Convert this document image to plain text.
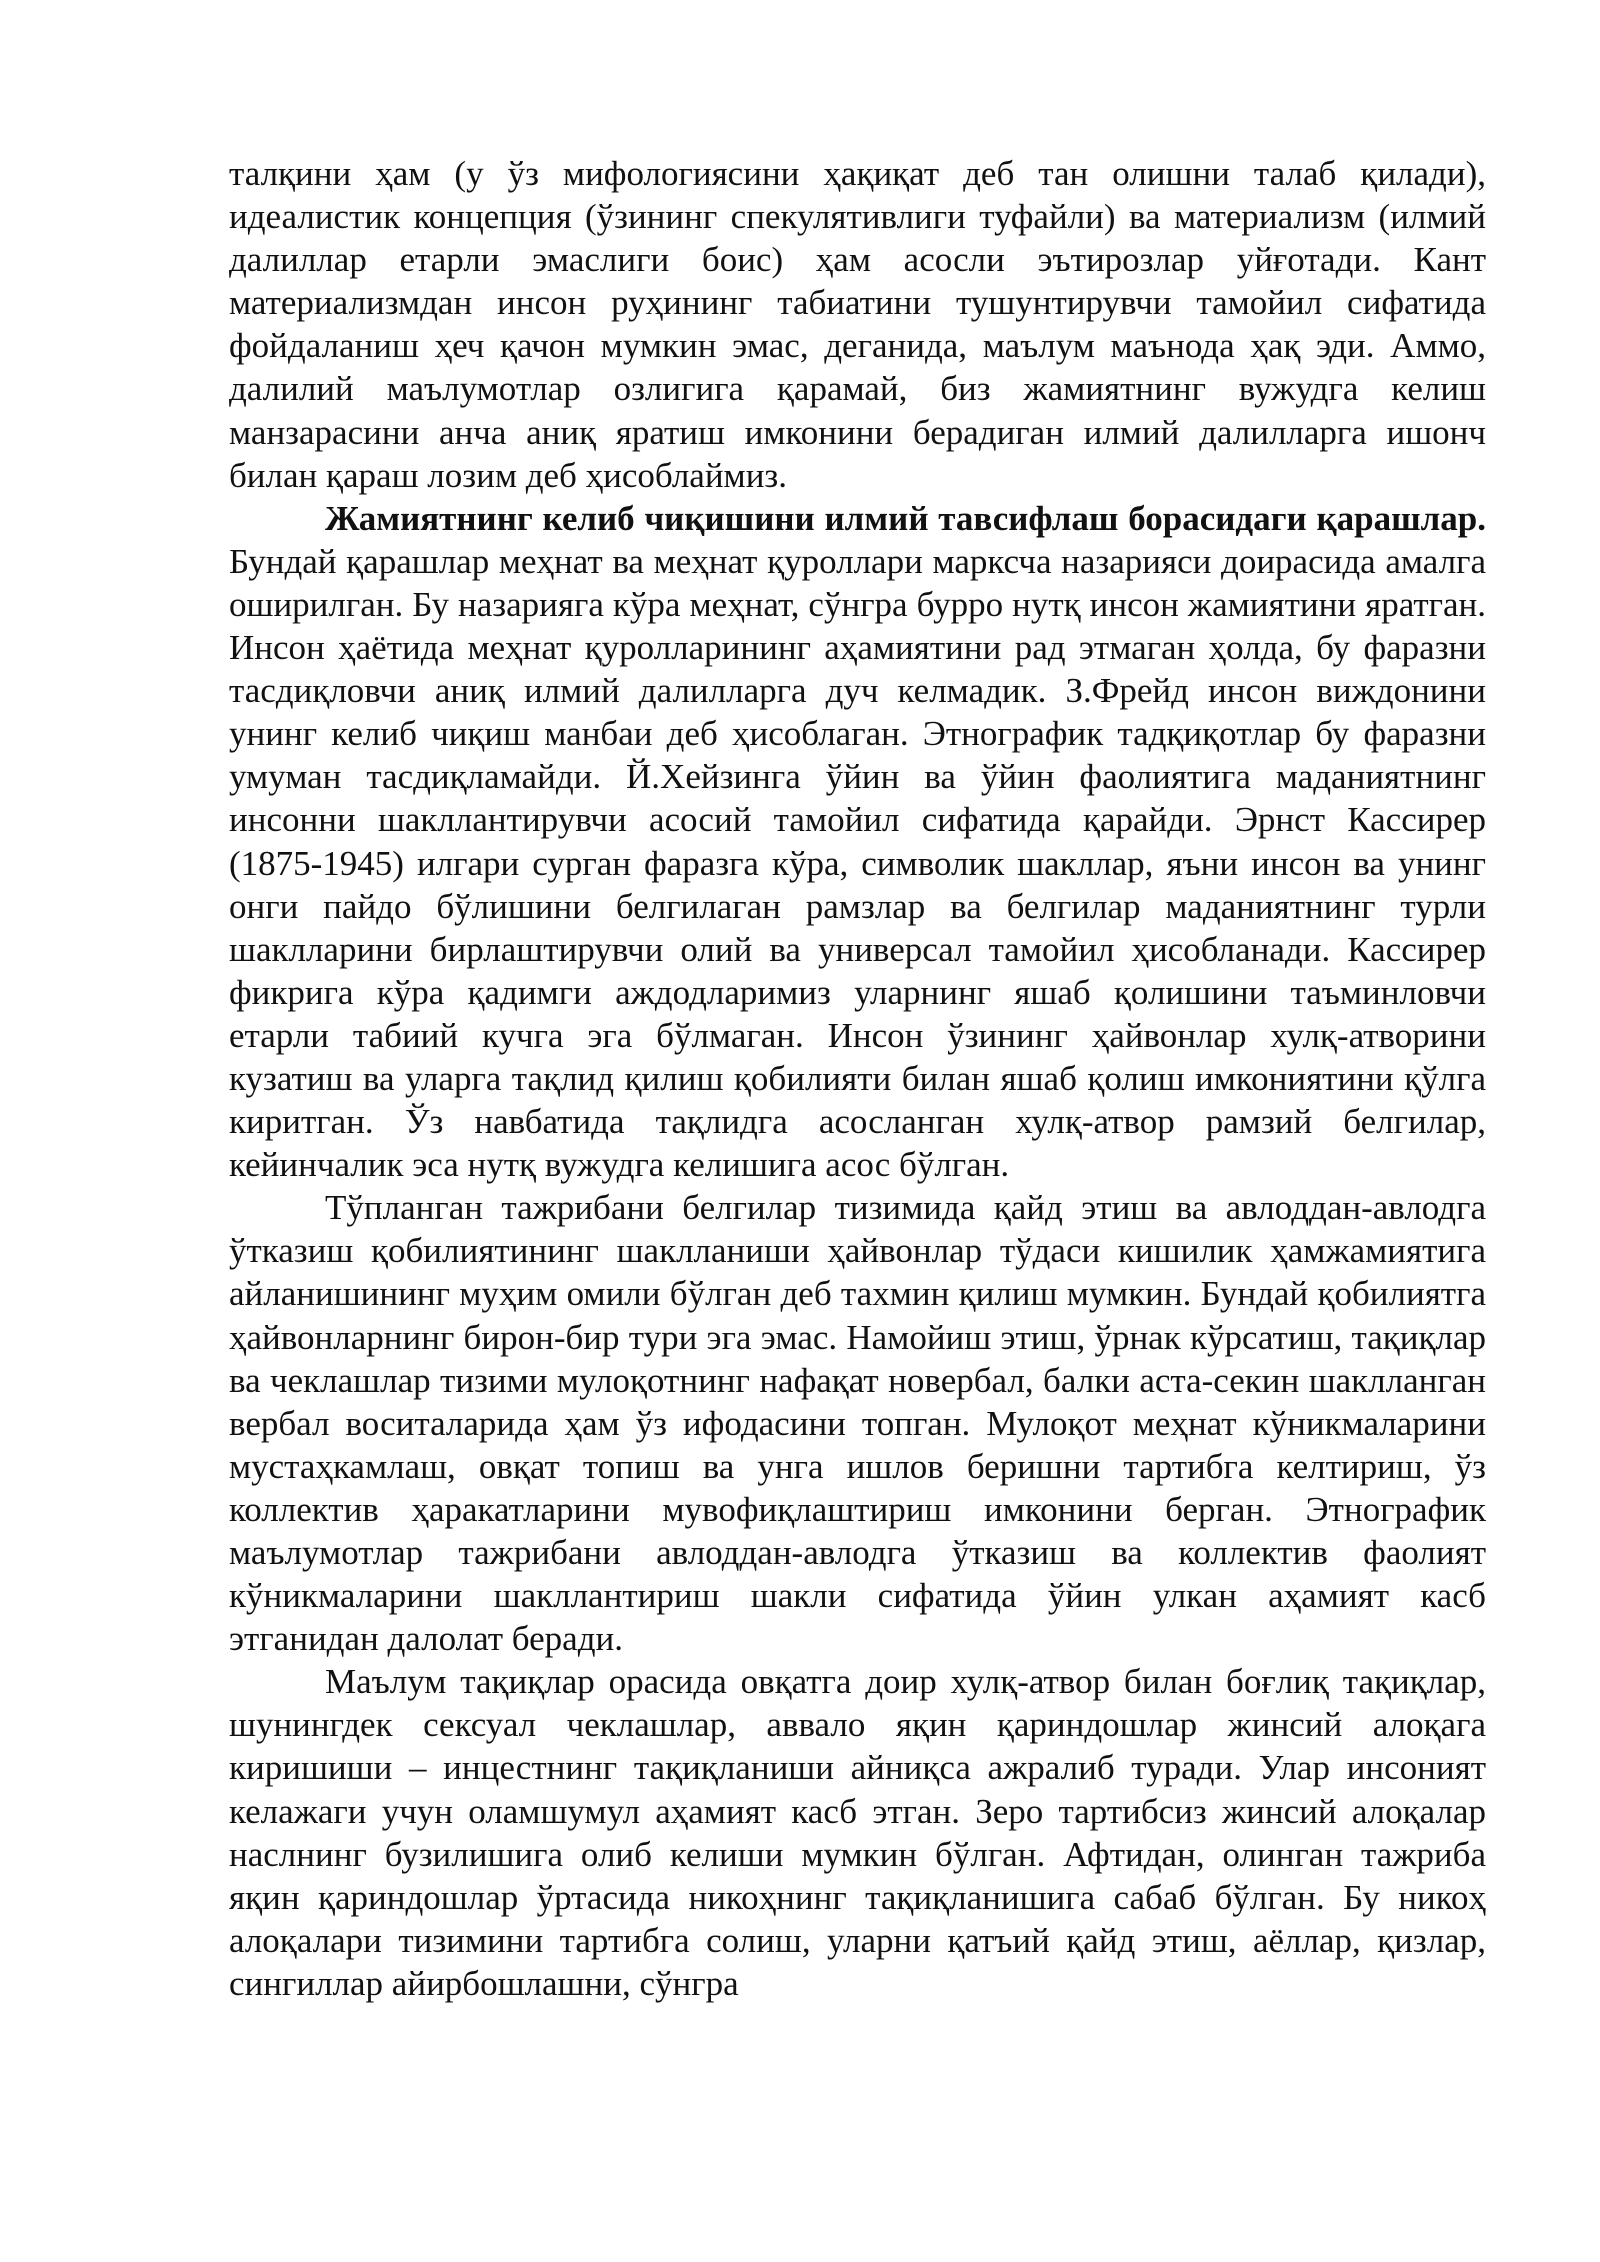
талқини ҳам (у ўз мифологиясини ҳақиқат деб тан олишни талаб қилади), идеалистик концепция (ўзининг спекулятивлиги туфайли) ва материализм (илмий далиллар етарли эмаслиги боис) ҳам асосли эътирозлар уйғотади. Кант материализмдан инсон руҳининг табиатини тушунтирувчи тамойил сифатида фойдаланиш ҳеч қачон мумкин эмас, деганида, маълум маънода ҳақ эди. Аммо, далилий маълумотлар озлигига қарамай, биз жамиятнинг вужудга келиш манзарасини анча аниқ яратиш имконини берадиган илмий далилларга ишонч билан қараш лозим деб ҳисоблаймиз.

Жамиятнинг келиб чиқишини илмий тавсифлаш борасидаги қарашлар. Бундай қарашлар меҳнат ва меҳнат қуроллари марксча назарияси доирасида амалга оширилган. Бу назарияга кўра меҳнат, сўнгра бурро нутқ инсон жамиятини яратган. Инсон ҳаётида меҳнат қуролларининг аҳамиятини рад этмаган ҳолда, бу фаразни тасдиқловчи аниқ илмий далилларга дуч келмадик. З.Фрейд инсон виждонини унинг келиб чиқиш манбаи деб ҳисоблаган. Этнографик тадқиқотлар бу фаразни умуман тасдиқламайди. Й.Хейзинга ўйин ва ўйин фаолиятига маданиятнинг инсонни шакллантирувчи асосий тамойил сифатида қарайди. Эрнст Кассирер (1875-1945) илгари сурган фаразга кўра, символик шакллар, яъни инсон ва унинг онги пайдо бўлишини белгилаган рамзлар ва белгилар маданиятнинг турли шаклларини бирлаштирувчи олий ва универсал тамойил ҳисобланади. Кассирер фикрига кўра қадимги аждодларимиз уларнинг яшаб қолишини таъминловчи етарли табиий кучга эга бўлмаган. Инсон ўзининг ҳайвонлар хулқ-атворини кузатиш ва уларга тақлид қилиш қобилияти билан яшаб қолиш имкониятини қўлга киритган. Ўз навбатида тақлидга асосланган хулқ-атвор рамзий белгилар, кейинчалик эса нутқ вужудга келишига асос бўлган.

Тўпланган тажрибани белгилар тизимида қайд этиш ва авлоддан-авлодга ўтказиш қобилиятининг шаклланиши ҳайвонлар тўдаси кишилик ҳамжамиятига айланишининг муҳим омили бўлган деб тахмин қилиш мумкин. Бундай қобилиятга ҳайвонларнинг бирон-бир тури эга эмас. Намойиш этиш, ўрнак кўрсатиш, тақиқлар ва чеклашлар тизими мулоқотнинг нафақат новербал, балки аста-секин шаклланган вербал воситаларида ҳам ўз ифодасини топган. Мулоқот меҳнат кўникмаларини мустаҳкамлаш, овқат топиш ва унга ишлов беришни тартибга келтириш, ўз коллектив ҳаракатларини мувофиқлаштириш имконини берган. Этнографик маълумотлар тажрибани авлоддан-авлодга ўтказиш ва коллектив фаолият кўникмаларини шакллантириш шакли сифатида ўйин улкан аҳамият касб этганидан далолат беради.

Маълум тақиқлар орасида овқатга доир хулқ-атвор билан боғлиқ тақиқлар, шунингдек сексуал чеклашлар, аввало яқин қариндошлар жинсий алоқага киришиши – инцестнинг тақиқланиши айниқса ажралиб туради. Улар инсоният келажаги учун оламшумул аҳамият касб этган. Зеро тартибсиз жинсий алоқалар наслнинг бузилишига олиб келиши мумкин бўлган. Афтидан, олинган тажриба яқин қариндошлар ўртасида никоҳнинг тақиқланишига сабаб бўлган. Бу никоҳ алоқалари тизимини тартибга солиш, уларни қатъий қайд этиш, аёллар, қизлар, сингиллар айирбошлашни, сўнгра
